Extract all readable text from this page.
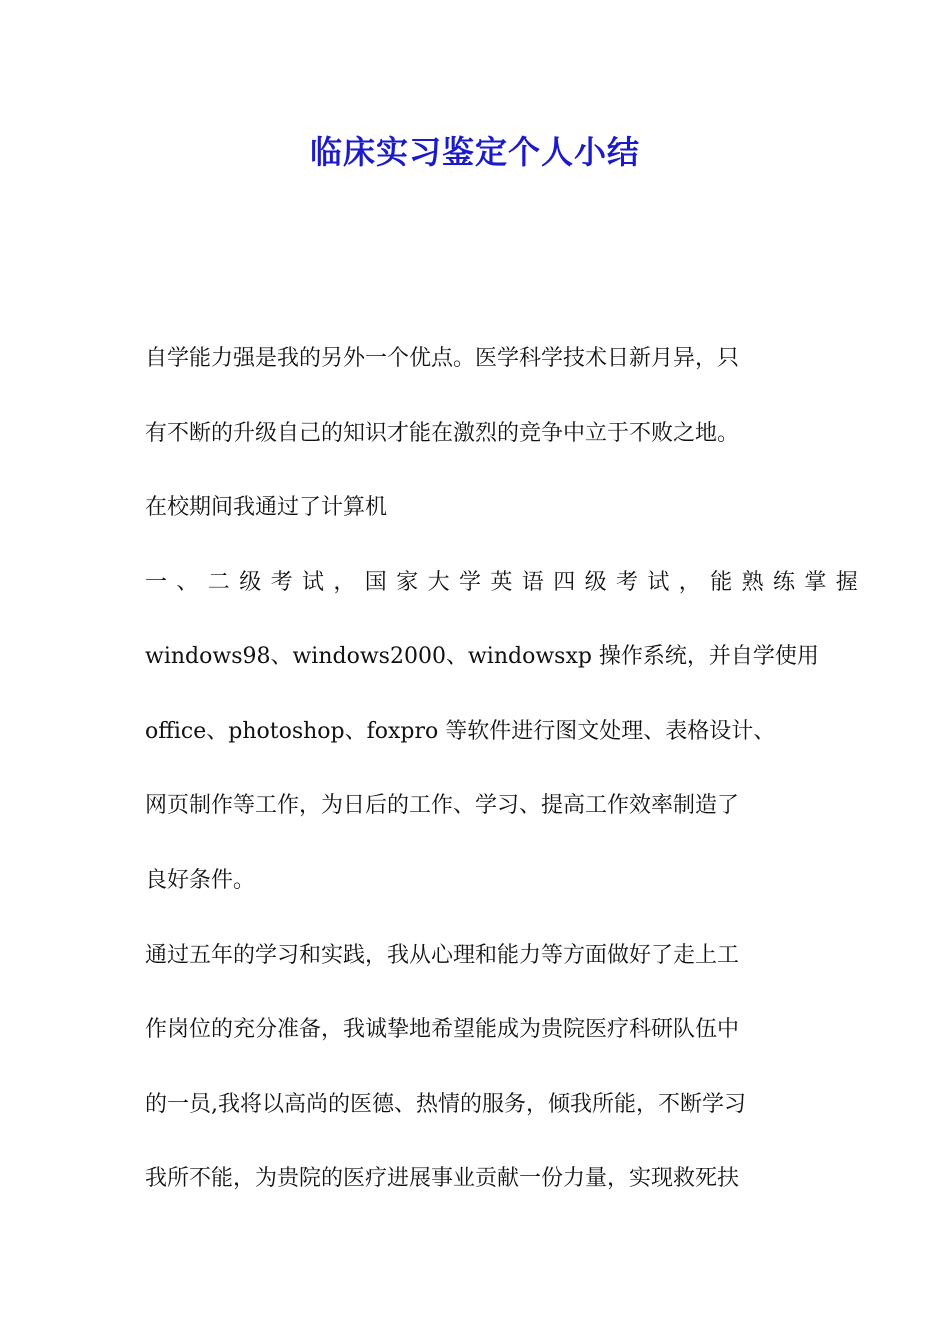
临床实习鉴定个人小结
自学能力强是我的另外一个优点。医学科学技术日新月异，只
有不断的升级自己的知识才能在激烈的竞争中立于不败之地。
在校期间我通过了计算机
一、二级考试，国家大学英语四级考试，能熟练掌握
windows98、windows2000、windowsxp 操作系统，并自学使用
office、photoshop、foxpro 等软件进行图文处理、表格设计、
网页制作等工作，为日后的工作、学习、提高工作效率制造了
良好条件。
通过五年的学习和实践，我从心理和能力等方面做好了走上工
作岗位的充分准备，我诚挚地希望能成为贵院医疗科研队伍中
的一员,我将以高尚的医德、热情的服务，倾我所能，不断学习
我所不能，为贵院的医疗进展事业贡献一份力量，实现救死扶
